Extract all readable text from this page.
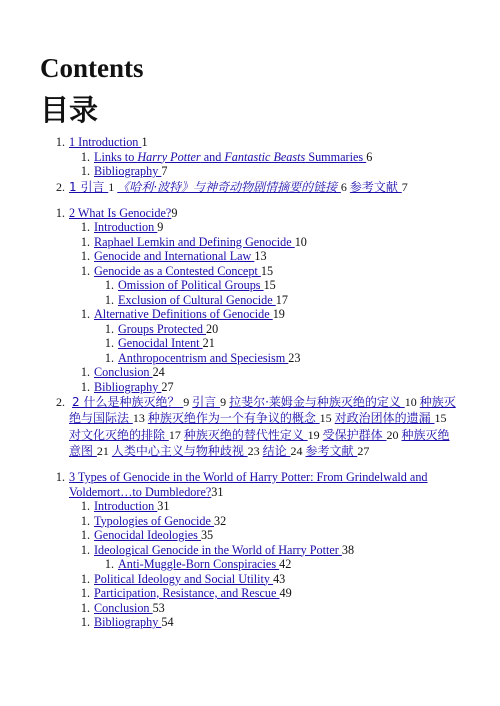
Contents
目录
1. 1 Introduction 1
1. Links to Harry Potter and Fantastic Beasts Summaries 6
1. Bibliography 7
2. 1 引言 1 《哈利·波特》与神奇动物剧情摘要的链接 6 参考文献 7
1. 2 What Is Genocide?9
1. Introduction 9
1. Raphael Lemkin and Defining Genocide 10
1. Genocide and International Law 13
1. Genocide as a Contested Concept 15
1. Omission of Political Groups 15
1. Exclusion of Cultural Genocide 17
1. Alternative Definitions of Genocide 19
1. Groups Protected 20
1. Genocidal Intent 21
1. Anthropocentrism and Speciesism 23
1. Conclusion 24
1. Bibliography 27
2. 2 什么是种族灭绝？ 9 引言 9 拉斐尔·莱姆金与种族灭绝的定义 10 种族灭绝与国际法 13 种族灭绝作为一个有争议的概念 15 对政治团体的遗漏 15 对文化灭绝的排除 17 种族灭绝的替代性定义 19 受保护群体 20 种族灭绝意图 21 人类中心主义与物种歧视 23 结论 24 参考文献 27
1. 3 Types of Genocide in the World of Harry Potter: From Grindelwald and Voldemort…to Dumbledore?31
1. Introduction 31
1. Typologies of Genocide 32
1. Genocidal Ideologies 35
1. Ideological Genocide in the World of Harry Potter 38
1. Anti-Muggle-Born Conspiracies 42
1. Political Ideology and Social Utility 43
1. Participation, Resistance, and Rescue 49
1. Conclusion 53
1. Bibliography 54
